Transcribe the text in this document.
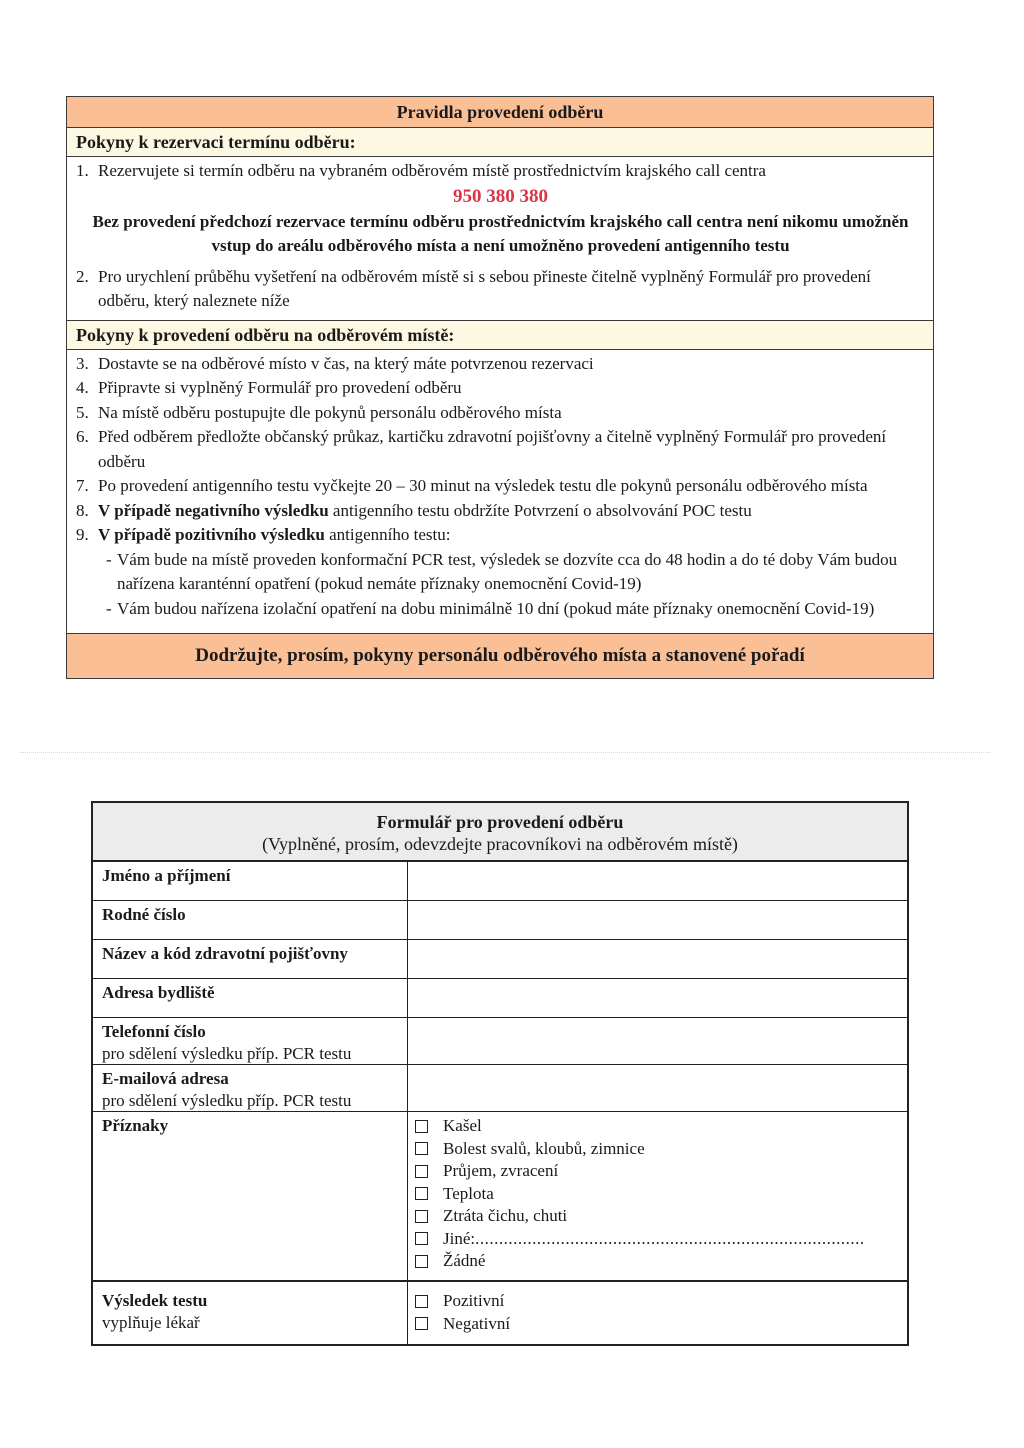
Pravidla provedení odběru
Pokyny k rezervaci termínu odběru:
1. Rezervujete si termín odběru na vybraném odběrovém místě prostřednictvím krajského call centra
950 380 380
Bez provedení předchozí rezervace termínu odběru prostřednictvím krajského call centra není nikomu umožněn vstup do areálu odběrového místa a není umožněno provedení antigenního testu
2. Pro urychlení průběhu vyšetření na odběrovém místě si s sebou přineste čitelně vyplněný Formulář pro provedení odběru, který naleznete níže
Pokyny k provedení odběru na odběrovém místě:
3. Dostavte se na odběrové místo v čas, na který máte potvrzenou rezervaci
4. Připravte si vyplněný Formulář pro provedení odběru
5. Na místě odběru postupujte dle pokynů personálu odběrového místa
6. Před odběrem předložte občanský průkaz, kartičku zdravotní pojišťovny a čitelně vyplněný Formulář pro provedení odběru
7. Po provedení antigenního testu vyčkejte 20 – 30 minut na výsledek testu dle pokynů personálu odběrového místa
8. V případě negativního výsledku antigenního testu obdržíte Potvrzení o absolvování POC testu
9. V případě pozitivního výsledku antigenního testu:
- Vám bude na místě proveden konformační PCR test, výsledek se dozvíte cca do 48 hodin a do té doby Vám budou nařízena karanténní opatření (pokud nemáte příznaky onemocnění Covid-19)
- Vám budou nařízena izolační opatření na dobu minimálně 10 dní (pokud máte příznaky onemocnění Covid-19)
Dodržujte, prosím, pokyny personálu odběrového místa a stanovené pořadí
Formulář pro provedení odběru
(Vyplněné, prosím, odevzdejte pracovníkovi na odběrovém místě)
Jméno a příjmení
Rodné číslo
Název a kód zdravotní pojišťovny
Adresa bydliště
Telefonní číslo
pro sdělení výsledku příp. PCR testu
E-mailová adresa
pro sdělení výsledku příp. PCR testu
Příznaky	Kašel
Bolest svalů, kloubů, zimnice
Průjem, zvracení
Teplota
Ztráta čichu, chuti
Jiné: ..................................................................................
Žádné
Výsledek testu
vyplňuje lékař
Pozitivní
Negativní
